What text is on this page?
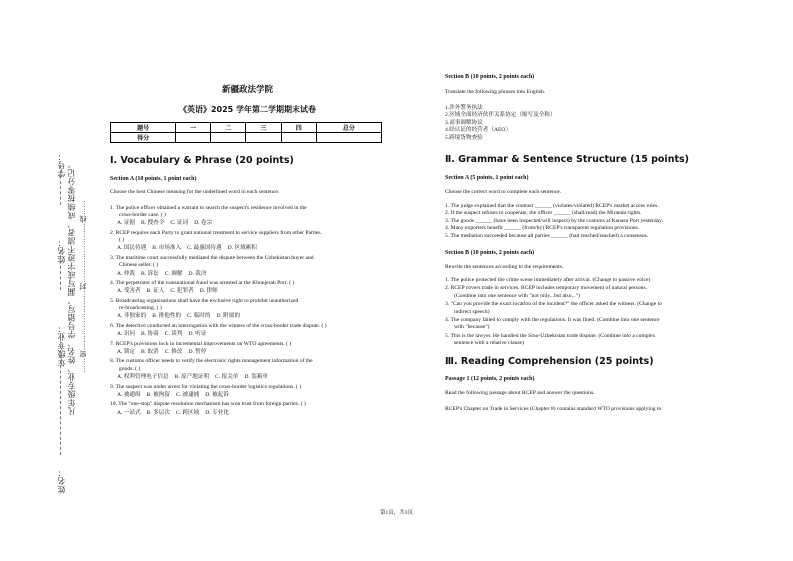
学号：
姓名： 凡年级专业、姓名、学号错写、漏写或字迹不清者，成绩按零分记。 ……密……………………封……………………线……
年级专业：
姓名：
新疆政法学院
《英语》2025 学年第二学期期末试卷
题号	一	二	三	四	总分
得分					
Ⅰ. Vocabulary & Phrase (20 points)
Section A (10 points, 1 point each)
Choose the best Chinese meaning for the underlined word in each sentence.
1. The police officer obtained a warrant to search the suspect's residence involved in the
cross-border case. ( )
A. 证据 B. 搜查令 C. 证词 D. 卷宗
2. RCEP requires each Party to grant national treatment to service suppliers from other Parties.
( )
A. 国民待遇 B. 市场准入 C. 最惠国待遇 D. 区域累积
3. The maritime court successfully mediated the dispute between the Uzbekistan buyer and
Chinese seller. ( )
A. 仲裁 B. 诉讼 C. 调解 D. 裁决
4. The perpetrator of the transnational fraud was arrested at the Khunjerab Port. ( )
A. 受害者 B. 证人 C. 犯罪者 D. 律师
5. Broadcasting organisations shall have the exclusive right to prohibit unauthorized
re-broadcasting. ( )
A. 非独家的 B. 排他性的 C. 临时的 D. 附属的
6. The detective conducted an interrogation with the witness of the cross-border trade dispute. ( )
A. 讯问 B. 协商 C. 谈判 D. 听证
7. RCEP's provisions lock in incremental improvements on WTO agreements. ( )
A. 锁定 B. 取消 C. 修改 D. 暂停
8. The customs officer needs to verify the electronic rights management information of the
goods. ( )
A. 权利管理电子信息 B. 原产地证明 C. 报关单 D. 装箱单
9. The suspect was under arrest for violating the cross-border logistics regulations. ( )
A. 被通缉 B. 被拘留 C. 被逮捕 D. 被起诉
10. The "one-stop" dispute resolution mechanism has won trust from foreign parties. ( )
A. 一站式 B. 多层次 C. 跨区域 D. 专业化
Section B (10 points, 2 points each)
Translate the following phrases into English.
1.涉外警务执法
2.区域全面经济伙伴关系协定（缩写及全称）
3.商事调解协议
4.经认证的经营者（AEO）
5.跨境货物查验
Ⅱ. Grammar & Sentence Structure (15 points)
Section A (5 points, 1 point each)
Choose the correct word to complete each sentence.
1. The judge explained that the contract ______ (violates/violated) RCEP's market access rules.
2. If the suspect refuses to cooperate, the officer ______ (shall/read) the Miranda rights.
3. The goods ______ (have been inspected/will inspect) by the customs at Kanasu Port yesterday.
4. Many exporters benefit ______ (from/by) RCEP's transparent regulation provisions.
5. The mediation succeeded because all parties ______ (had reached/reached) a consensus.
Section B (10 points, 2 points each)
Rewrite the sentences according to the requirements.
1. The police protected the crime scene immediately after arrival. (Change to passive voice)
2. RCEP covers trade in services. RCEP includes temporary movement of natural persons.
(Combine into one sentence with "not only...but also...")
3. "Can you provide the exact location of the incident?" the officer asked the witness. (Change to
indirect speech)
4. The company failed to comply with the regulations. It was fined. (Combine into one sentence
with "because")
5. This is the lawyer. He handled the Sino-Uzbekistan trade dispute. (Combine into a complex
sentence with a relative clause)
Ⅲ. Reading Comprehension (25 points)
Passage 1 (12 points, 2 points each)
Read the following passage about RCEP and answer the questions.
RCEP's Chapter on Trade in Services (Chapter 8) contains standard WTO provisions applying to
第1页，共3页
